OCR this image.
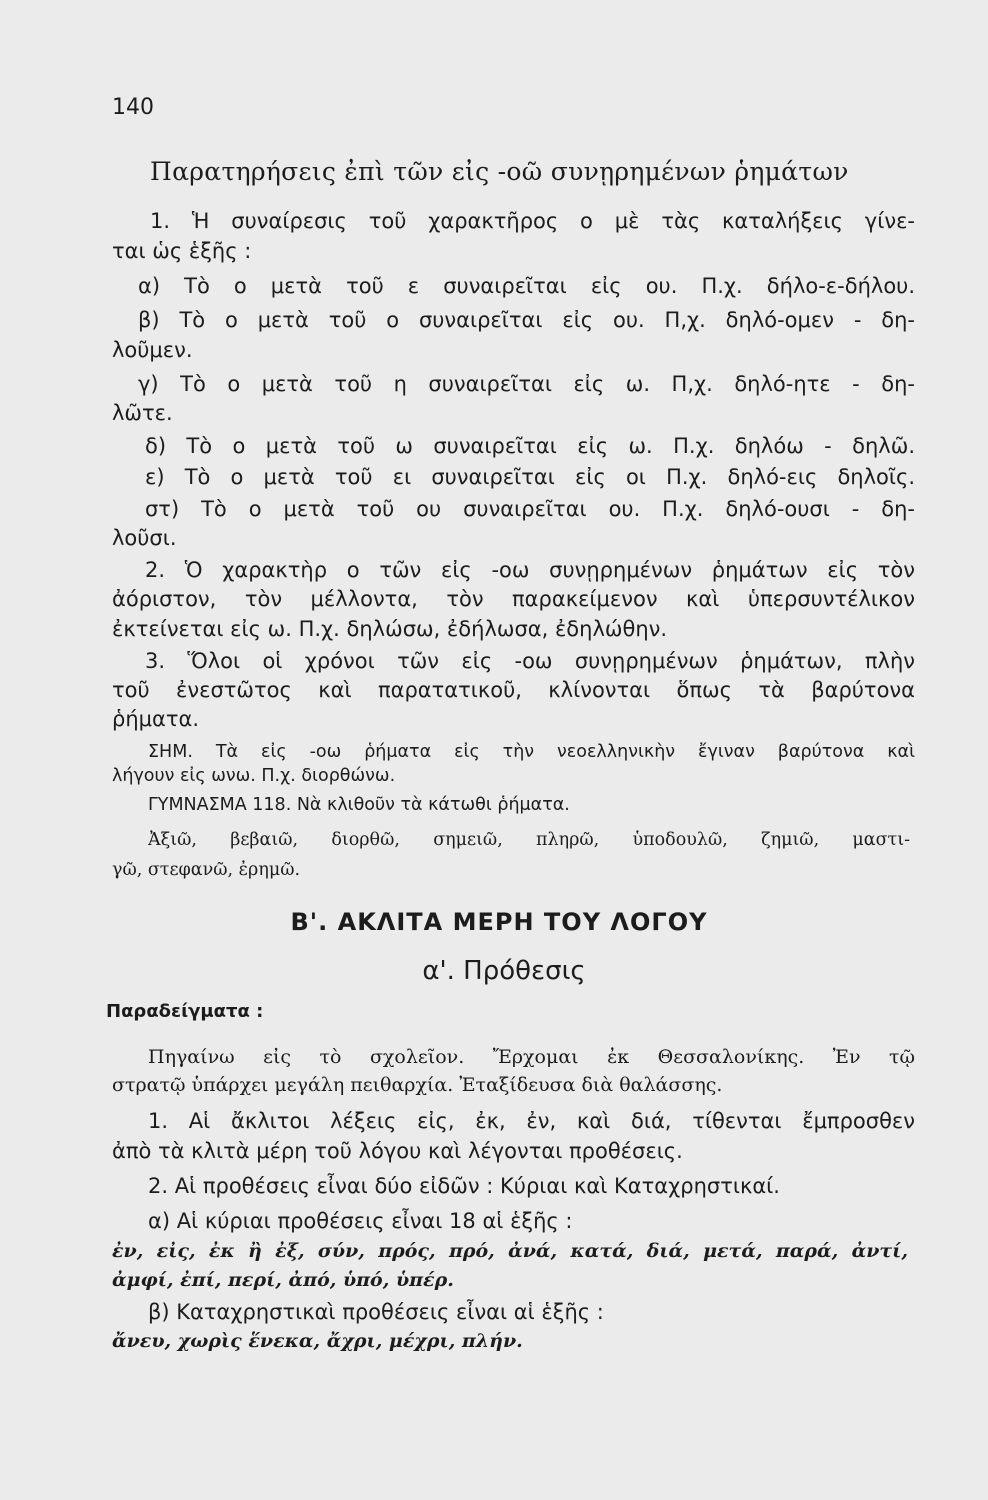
140
Παρατηρήσεις ἐπὶ τῶν εἰς -οῶ συνῃρημένων ῥημάτων
1. Ἡ συναίρεσις τοῦ χαρακτῆρος ο μὲ τὰς καταλήξεις γίνε-
ται ὡς ἑξῆς :
α) Τὸ ο μετὰ τοῦ ε συναιρεῖται εἰς ου. Π.χ. δήλο-ε-δήλου.
β) Τὸ ο μετὰ τοῦ ο συναιρεῖται εἰς ου. Π,χ. δηλό-ομεν - δη-
λοῦμεν.
γ) Τὸ ο μετὰ τοῦ η συναιρεῖται εἰς ω. Π,χ. δηλό-ητε - δη-
λῶτε.
δ) Τὸ ο μετὰ τοῦ ω συναιρεῖται εἰς ω. Π.χ. δηλόω - δηλῶ.
ε) Τὸ ο μετὰ τοῦ ει συναιρεῖται εἰς οι Π.χ. δηλό-εις δηλοῖς.
στ) Τὸ ο μετὰ τοῦ ου συναιρεῖται ου. Π.χ. δηλό-ουσι - δη-
λοῦσι.
2. Ὁ χαρακτὴρ ο τῶν εἰς -οω συνῃρημένων ῥημάτων εἰς τὸν
ἀόριστον, τὸν μέλλοντα, τὸν παρακείμενον καὶ ὑπερσυντέλικον
ἐκτείνεται εἰς ω. Π.χ. δηλώσω, ἐδήλωσα, ἐδηλώθην.
3. Ὅλοι οἱ χρόνοι τῶν εἰς -οω συνῃρημένων ῥημάτων, πλὴν
τοῦ ἐνεστῶτος καὶ παρατατικοῦ, κλίνονται ὅπως τὰ βαρύτονα
ῥήματα.
ΣΗΜ. Τὰ εἰς -οω ῥήματα εἰς τὴν νεοελληνικὴν ἔγιναν βαρύτονα καὶ
λήγουν εἰς ωνω. Π.χ. διορθώνω.
ΓΥΜΝΑΣΜΑ 118. Νὰ κλιθοῦν τὰ κάτωθι ῥήματα.
Ἀξιῶ, βεβαιῶ, διορθῶ, σημειῶ, πληρῶ, ὑποδουλῶ, ζημιῶ, μαστι-
γῶ, στεφανῶ, ἐρημῶ.
Β'. ΑΚΛΙΤΑ ΜΕΡΗ ΤΟΥ ΛΟΓΟΥ
α'. Πρόθεσις
Παραδείγματα :
Πηγαίνω εἰς τὸ σχολεῖον. Ἔρχομαι ἐκ Θεσσαλονίκης. Ἐν τῷ
στρατῷ ὑπάρχει μεγάλη πειθαρχία. Ἐταξίδευσα διὰ θαλάσσης.
1. Αἱ ἄκλιτοι λέξεις εἰς, ἐκ, ἐν, καὶ διά, τίθενται ἔμπροσθεν
ἀπὸ τὰ κλιτὰ μέρη τοῦ λόγου καὶ λέγονται προθέσεις.
2. Αἱ προθέσεις εἶναι δύο εἰδῶν : Κύριαι καὶ Καταχρηστικαί.
α) Αἱ κύριαι προθέσεις εἶναι 18 αἱ ἑξῆς :
ἐν, εἰς, ἐκ ἢ ἐξ, σύν, πρός, πρό, ἀνά, κατά, διά, μετά, παρά, ἀντί,
ἀμφί, ἐπί, περί, ἀπό, ὑπό, ὑπέρ.
β) Καταχρηστικαὶ προθέσεις εἶναι αἱ ἑξῆς :
ἄνευ, χωρὶς ἕνεκα, ἄχρι, μέχρι, πλήν.
